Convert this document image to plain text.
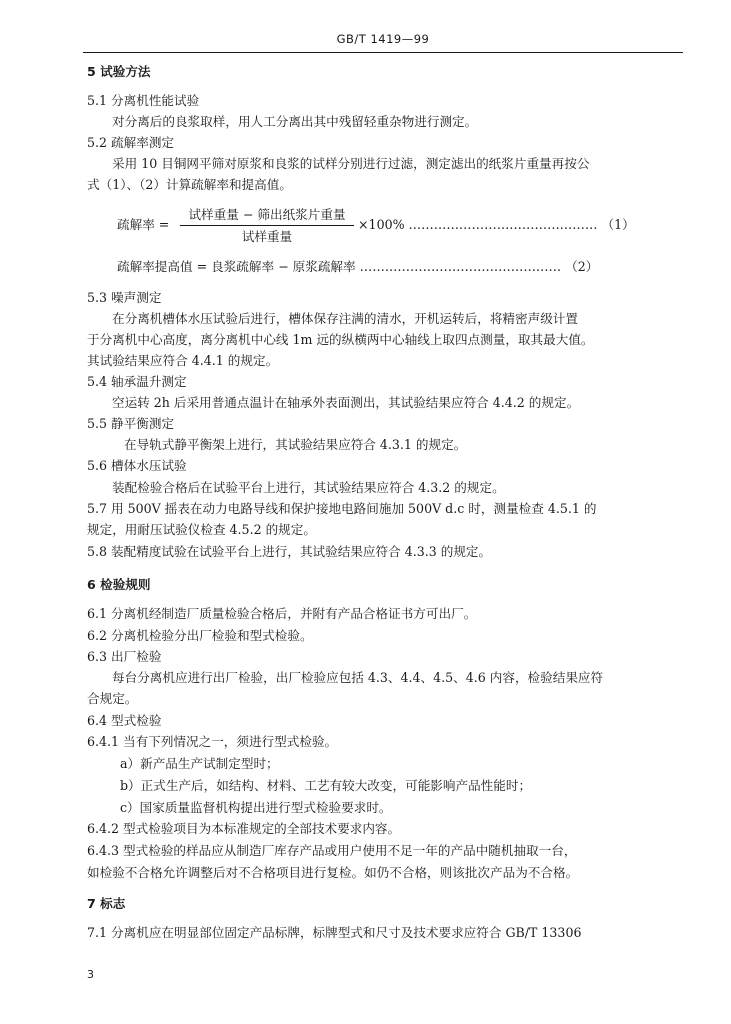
GB/T 1419—99
5 试验方法
5.1 分离机性能试验
对分离后的良浆取样，用人工分离出其中残留轻重杂物进行测定。
5.2 疏解率测定
采用 10 目铜网平筛对原浆和良浆的试样分别进行过滤，测定滤出的纸浆片重量再按公
式（1）、（2）计算疏解率和提高值。
疏解率 =
试样重量 − 筛出纸浆片重量
试样重量
×100% ……………………………………… （1）
疏解率提高值 = 良浆疏解率 − 原浆疏解率 ………………………………………… （2）
5.3 噪声测定
在分离机槽体水压试验后进行，槽体保存注满的清水，开机运转后，将精密声级计置
于分离机中心高度，离分离机中心线 1m 远的纵横两中心轴线上取四点测量，取其最大值。
其试验结果应符合 4.4.1 的规定。
5.4 轴承温升测定
空运转 2h 后采用普通点温计在轴承外表面测出，其试验结果应符合 4.4.2 的规定。
5.5 静平衡测定
在导轨式静平衡架上进行，其试验结果应符合 4.3.1 的规定。
5.6 槽体水压试验
装配检验合格后在试验平台上进行，其试验结果应符合 4.3.2 的规定。
5.7 用 500V 摇表在动力电路导线和保护接地电路间施加 500V d.c 时，测量检查 4.5.1 的
规定，用耐压试验仪检查 4.5.2 的规定。
5.8 装配精度试验在试验平台上进行，其试验结果应符合 4.3.3 的规定。
6 检验规则
6.1 分离机经制造厂质量检验合格后，并附有产品合格证书方可出厂。
6.2 分离机检验分出厂检验和型式检验。
6.3 出厂检验
每台分离机应进行出厂检验，出厂检验应包括 4.3、4.4、4.5、4.6 内容，检验结果应符
合规定。
6.4 型式检验
6.4.1 当有下列情况之一，须进行型式检验。
a）新产品生产试制定型时；
b）正式生产后，如结构、材料、工艺有较大改变，可能影响产品性能时；
c）国家质量监督机构提出进行型式检验要求时。
6.4.2 型式检验项目为本标准规定的全部技术要求内容。
6.4.3 型式检验的样品应从制造厂库存产品或用户使用不足一年的产品中随机抽取一台，
如检验不合格允许调整后对不合格项目进行复检。如仍不合格，则该批次产品为不合格。
7 标志
7.1 分离机应在明显部位固定产品标牌，标牌型式和尺寸及技术要求应符合 GB/T 13306
3
